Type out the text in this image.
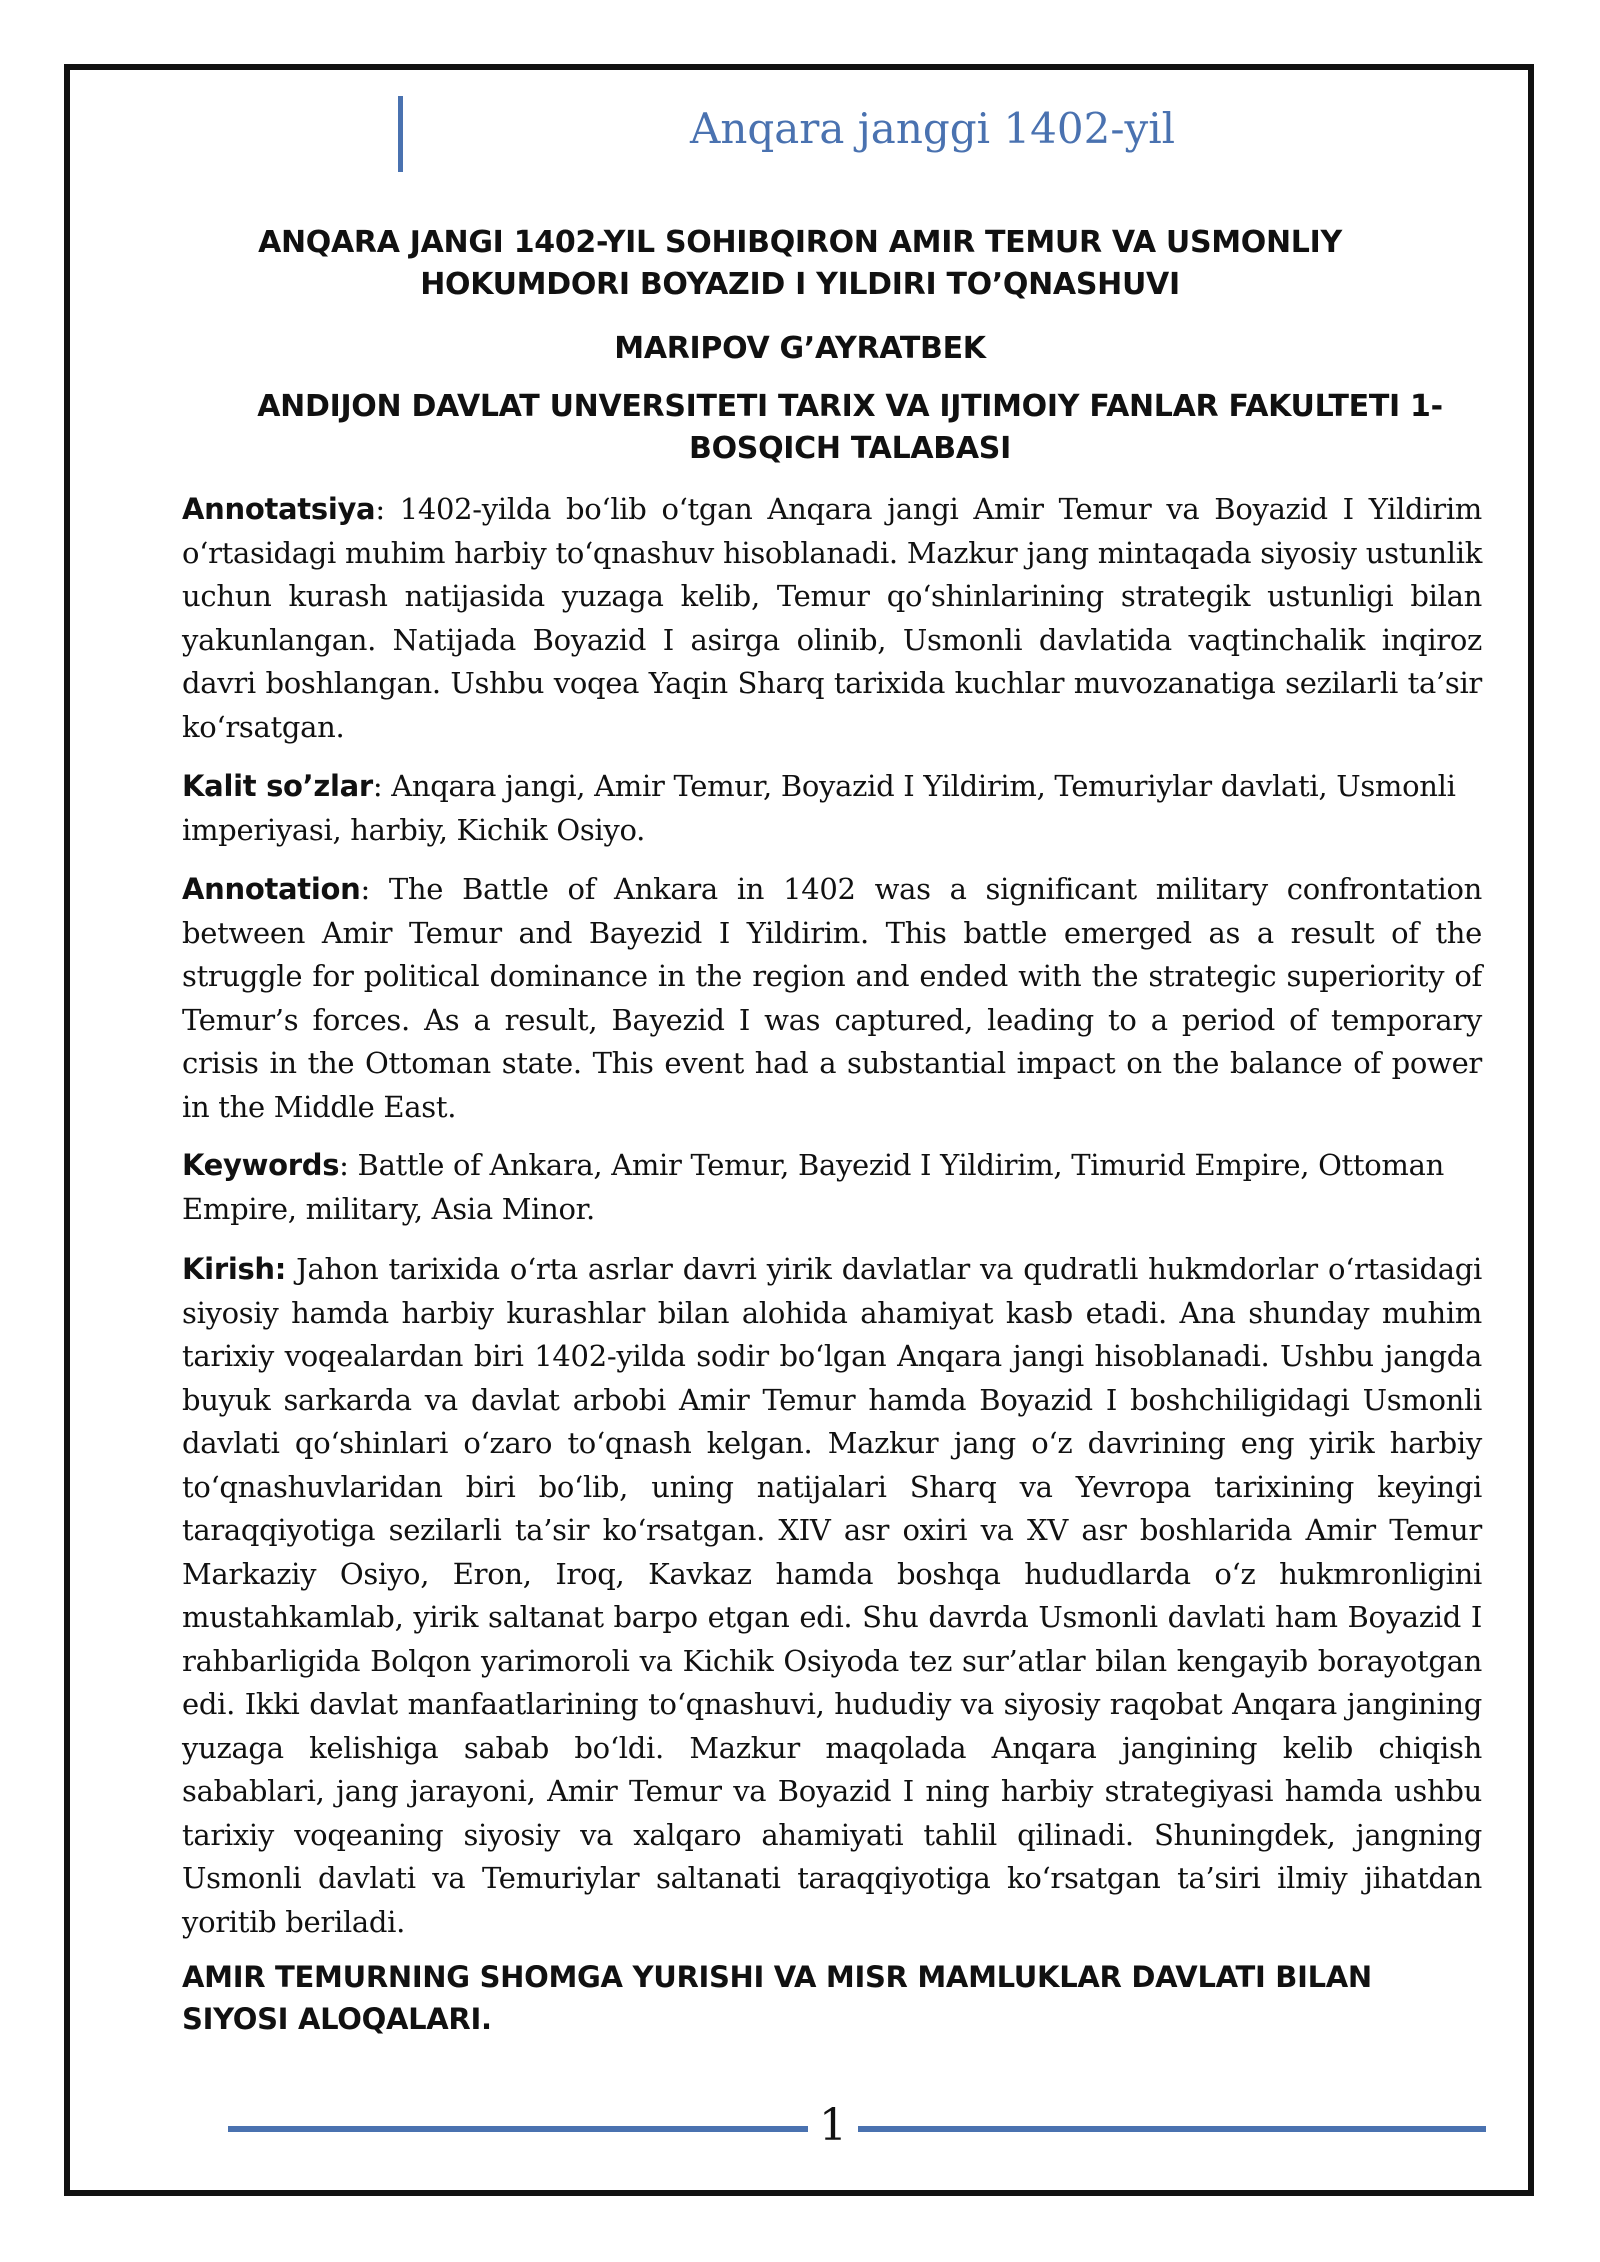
Anqara janggi 1402-yil
ANQARA JANGI 1402-YIL SOHIBQIRON AMIR TEMUR VA USMONLIY HOKUMDORI BOYAZID I YILDIRI TO’QNASHUVI
MARIPOV G’AYRATBEK
ANDIJON DAVLAT UNVERSITETI TARIX VA IJTIMOIY FANLAR FAKULTETI 1-BOSQICH TALABASI
Annotatsiya: 1402-yilda bo‘lib o‘tgan Anqara jangi Amir Temur va Boyazid I Yildirim o‘rtasidagi muhim harbiy to‘qnashuv hisoblanadi. Mazkur jang mintaqada siyosiy ustunlik uchun kurash natijasida yuzaga kelib, Temur qo‘shinlarining strategik ustunligi bilan yakunlangan. Natijada Boyazid I asirga olinib, Usmonli davlatida vaqtinchalik inqiroz davri boshlangan. Ushbu voqea Yaqin Sharq tarixida kuchlar muvozanatiga sezilarli ta’sir ko‘rsatgan.
Kalit so’zlar: Anqara jangi, Amir Temur, Boyazid I Yildirim, Temuriylar davlati, Usmonli imperiyasi, harbiy, Kichik Osiyo.
Annotation: The Battle of Ankara in 1402 was a significant military confrontation between Amir Temur and Bayezid I Yildirim. This battle emerged as a result of the struggle for political dominance in the region and ended with the strategic superiority of Temur’s forces. As a result, Bayezid I was captured, leading to a period of temporary crisis in the Ottoman state. This event had a substantial impact on the balance of power in the Middle East.
Keywords: Battle of Ankara, Amir Temur, Bayezid I Yildirim, Timurid Empire, Ottoman Empire, military, Asia Minor.
Kirish: Jahon tarixida o‘rta asrlar davri yirik davlatlar va qudratli hukmdorlar o‘rtasidagi siyosiy hamda harbiy kurashlar bilan alohida ahamiyat kasb etadi. Ana shunday muhim tarixiy voqealardan biri 1402-yilda sodir bo‘lgan Anqara jangi hisoblanadi. Ushbu jangda buyuk sarkarda va davlat arbobi Amir Temur hamda Boyazid I boshchiligidagi Usmonli davlati qo‘shinlari o‘zaro to‘qnash kelgan. Mazkur jang o‘z davrining eng yirik harbiy to‘qnashuvlaridan biri bo‘lib, uning natijalari Sharq va Yevropa tarixining keyingi taraqqiyotiga sezilarli ta’sir ko‘rsatgan. XIV asr oxiri va XV asr boshlarida Amir Temur Markaziy Osiyo, Eron, Iroq, Kavkaz hamda boshqa hududlarda o‘z hukmronligini mustahkamlab, yirik saltanat barpo etgan edi. Shu davrda Usmonli davlati ham Boyazid I rahbarligida Bolqon yarimoroli va Kichik Osiyoda tez sur’atlar bilan kengayib borayotgan edi. Ikki davlat manfaatlarining to‘qnashuvi, hududiy va siyosiy raqobat Anqara jangining yuzaga kelishiga sabab bo‘ldi. Mazkur maqolada Anqara jangining kelib chiqish sabablari, jang jarayoni, Amir Temur va Boyazid I ning harbiy strategiyasi hamda ushbu tarixiy voqeaning siyosiy va xalqaro ahamiyati tahlil qilinadi. Shuningdek, jangning Usmonli davlati va Temuriylar saltanati taraqqiyotiga ko‘rsatgan ta’siri ilmiy jihatdan yoritib beriladi.
AMIR TEMURNING SHOMGA YURISHI VA MISR MAMLUKLAR DAVLATI BILAN SIYOSI ALOQALARI.
1
